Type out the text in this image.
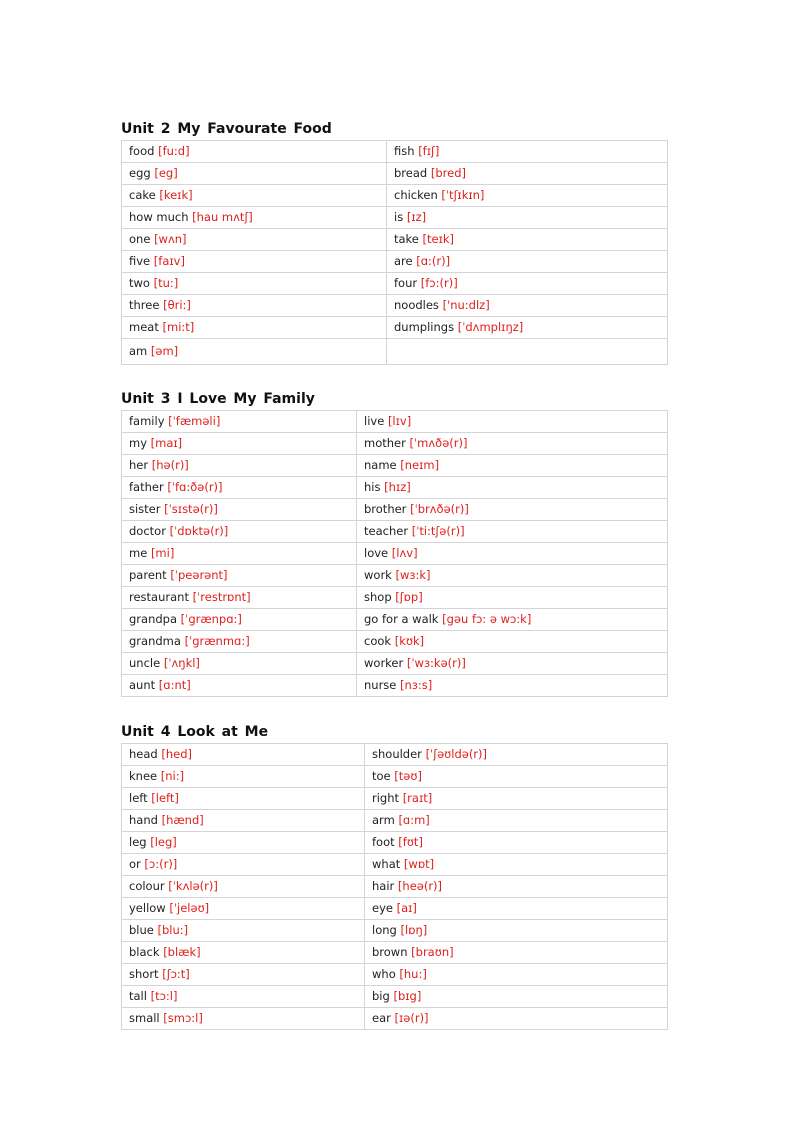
Unit 2 My Favourate Food
food [fu:d]	fish [fɪʃ]
egg [eg]	bread [bred]
cake [keɪk]	chicken [ˈtʃɪkɪn]
how much [hau mʌtʃ]	is [ɪz]
one [wʌn]	take [teɪk]
five [faɪv]	are [ɑ:(r)]
two [tu:]	four [fɔ:(r)]
three [θri:]	noodles ['nu:dlz]
meat [mi:t]	dumplings [ˈdʌmplɪŋz]
am [əm]	
Unit 3 I Love My Family
family [ˈfæməli]	live [lɪv]
my [maɪ]	mother [ˈmʌðə(r)]
her [hə(r)]	name [neɪm]
father [ˈfɑ:ðə(r)]	his [hɪz]
sister [ˈsɪstə(r)]	brother [ˈbrʌðə(r)]
doctor [ˈdɒktə(r)]	teacher [ˈti:tʃə(r)]
me [mi]	love [lʌv]
parent [ˈpeərənt]	work [wɜ:k]
restaurant [ˈrestrɒnt]	shop [ʃɒp]
grandpa [ˈgrænpɑ:]	go for a walk [gəu fɔ: ə wɔ:k]
grandma [ˈgrænmɑ:]	cook [kʊk]
uncle [ˈʌŋkl]	worker [ˈwɜ:kə(r)]
aunt [ɑ:nt]	nurse [nɜ:s]
Unit 4 Look at Me
head [hed]	shoulder [ˈʃəʊldə(r)]
knee [ni:]	toe [təʊ]
left [left]	right [raɪt]
hand [hænd]	arm [ɑ:m]
leg [leg]	foot [fʊt]
or [ɔ:(r)]	what [wɒt]
colour [ˈkʌlə(r)]	hair [heə(r)]
yellow [ˈjeləʊ]	eye [aɪ]
blue [blu:]	long [lɒŋ]
black [blæk]	brown [braʊn]
short [ʃɔ:t]	who [hu:]
tall [tɔ:l]	big [bɪg]
small [smɔ:l]	ear [ɪə(r)]
